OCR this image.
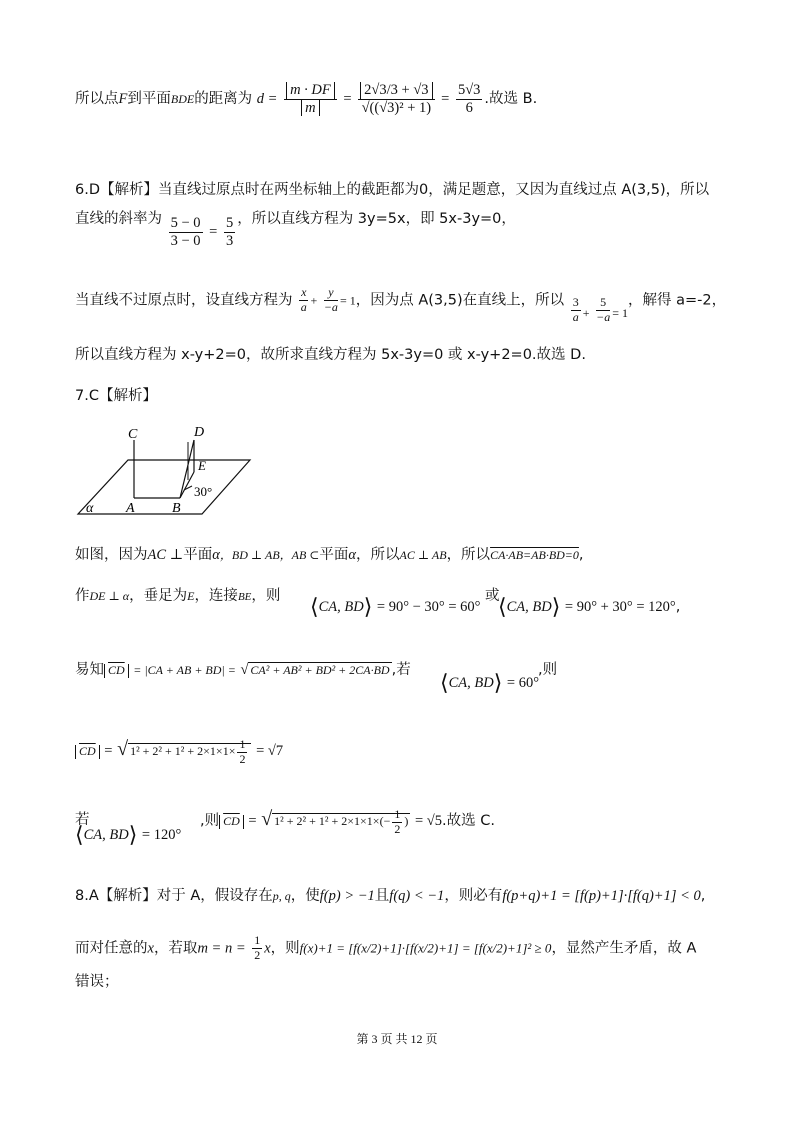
所以点F到平面BDE的距离为 $d = \frac{m \cdot DF}{m} = \frac{2√3/3 + √3}{\text{√((√3)² + 1)}} = \frac{5√3}{6}$ .故选 B.
6.D【解析】当直线过原点时在两坐标轴上的截距都为0，满足题意，又因为直线过点 A(3,5)，所以
直线的斜率为 $\frac{5 - 0}{3 - 0} = \frac{5}{3}$ ，所以直线方程为 3y=5x，即 5x-3y=0，
当直线不过原点时，设直线方程为 $\frac{x}{a} + \frac{y}{-a} = 1$，因为点 A(3,5)在直线上，所以 $\frac{3}{a} _+ \frac{5}{-a} _{= 1}$，解得 a=-2，
所以直线方程为 x-y+2=0，故所求直线方程为 5x-3y=0 或 x-y+2=0.故选 D.
7.C【解析】
C	D
E
30°
A	B
α
如图，因为AC ⊥平面α，BD ⊥ AB，AB ⊂平面α，所以AC ⊥ AB，所以CA·AB=AB·BD=0,
作DE ⊥ α，垂足为E，连接BE，则 ⟨CA, BD⟩ = 90° − 30° = 60°
或
⟨CA, BD⟩ = 90° + 30° = 120°,
易知 $\overline{CD} = |CA$ + AB + BD| = √ CA² + AB² + BD² + 2CA·BD ,若 ⟨CA, BD⟩ = 60°
,则
$\overline{CD}$ = √ $1^2 + 2^2 + 1^2 + 2\times 1\times 1\times \frac{1}{2} = √7$
若
⟨CA, BD⟩ = 120°
,则 $\overline{CD}$ = √ $1^2 + 2^2 + 1^2 + 2\times 1\times 1\times(- \frac{1}{2}$ ) = √5.故选 C.
8.A【解析】对于 A，假设存在p, q，使f(p) > −1且f(q) < −1，则必有f(p+q)+1 = [f(p)+1]·[f(q)+1] < 0,
而对任意的x，若取$m = n = \frac{1}{2}$ x，则f(x)+1 = [f(x/2)+1]·[f(x/2)+1] = [f(x/2)+1]² ≥ 0，显然产生矛盾，故 A
错误；
第 3 页 共 12 页
